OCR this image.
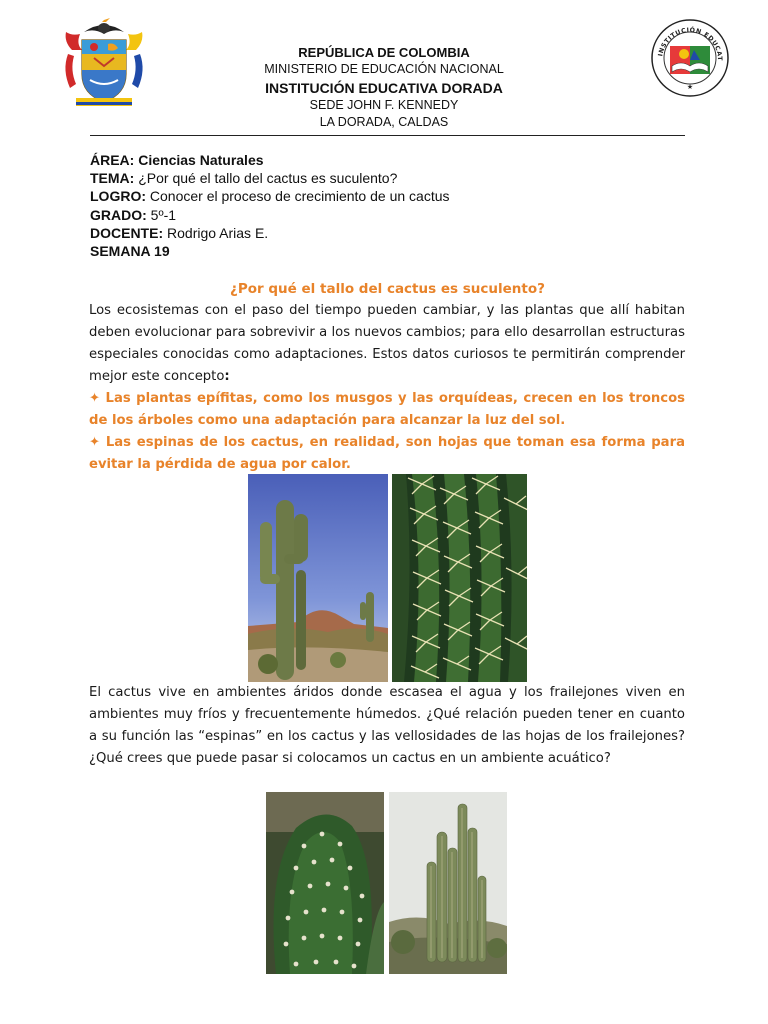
REPÚBLICA DE COLOMBIA
MINISTERIO DE EDUCACIÓN NACIONAL
INSTITUCIÓN EDUCATIVA DORADA
SEDE JOHN F. KENNEDY
LA DORADA, CALDAS
INSTITUCIÓN EDUCAT
★
ÁREA: Ciencias Naturales
TEMA: ¿Por qué el tallo del cactus es suculento?
LOGRO: Conocer el proceso de crecimiento de un cactus
GRADO: 5º-1
DOCENTE: Rodrigo Arias E.
SEMANA 19
¿Por qué el tallo del cactus es suculento?
Los ecosistemas con el paso del tiempo pueden cambiar, y las plantas que allí habitan deben evolucionar para sobrevivir a los nuevos cambios; para ello desarrollan estructuras especiales conocidas como adaptaciones. Estos datos curiosos te permitirán comprender mejor este concepto:
✦ Las plantas epífitas, como los musgos y las orquídeas, crecen en los troncos de los árboles como una adaptación para alcanzar la luz del sol.
✦ Las espinas de los cactus, en realidad, son hojas que toman esa forma para evitar la pérdida de agua por calor.
El cactus vive en ambientes áridos donde escasea el agua y los frailejones viven en ambientes muy fríos y frecuentemente húmedos. ¿Qué relación pueden tener en cuanto a su función las “espinas” en los cactus y las vellosidades de las hojas de los frailejones? ¿Qué crees que puede pasar si colocamos un cactus en un ambiente acuático?
